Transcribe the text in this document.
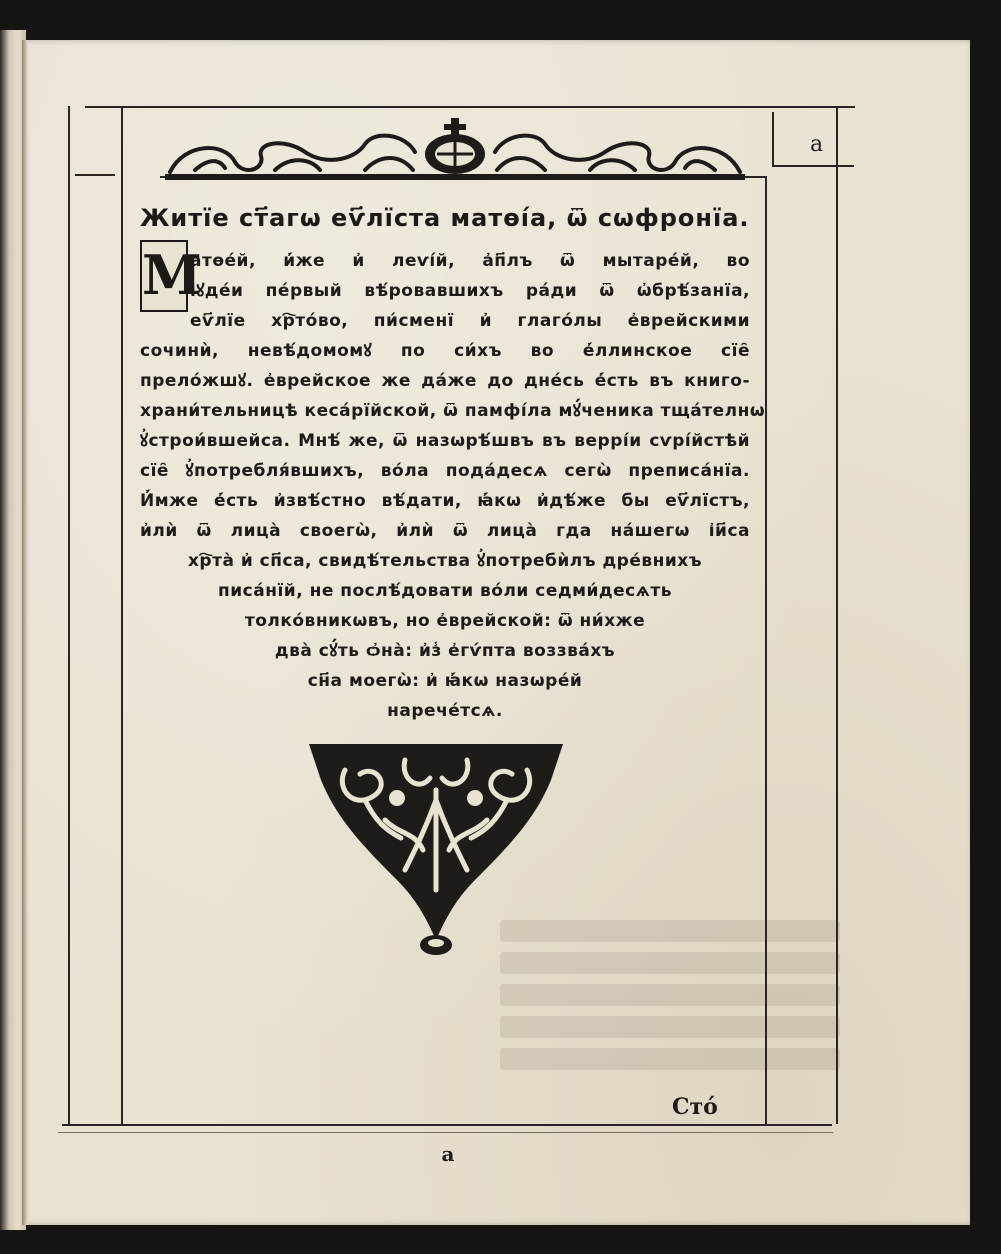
а
Житїе ст҃агѡ еѵ҃лїста матѳі́а, ѿ сѡфронїа.
М
атѳе́й, и҆́же и҆ леѵі́й, а҆п҃лъ ѿ мытаре́й, во
і҆ꙋде́и пе́рвый вѣ́ровавшихъ ра́ди ѿ ѡ҆брѣ́занїа,
еѵ҃лїе хр҇то́во, пи́сменї и҆ глаго́лы е҆врейскими
сочинѝ, невѣ́домомꙋ по си́хъ во е҆́ллинское сїе̑
прело́жшꙋ. е҆врейское же да́же до дне́сь е҆́сть въ книго-
храни́тельницѣ кеса́рїйской, ѿ памфі́ла мꙋ́ченика тща́телнѡ
ꙋ҆строи́вшейса. Мнѣ́ же, ѿ назѡрѣ́швъ въ веррі́и сѵрі́йстѣй
сїе̑ ꙋ҆потребля́вшихъ, во́ла пода́десѧ сегѡ̀ преписа́нїа.
И҆́мже е҆́сть и҆звѣ́стно вѣ́дати, ꙗ҆́кѡ и҆дѣ́же бы еѵ҃лїстъ,
и҆лѝ ѿ лица̀ своегѡ̀, и҆лѝ ѿ лица̀ гда на́шегѡ і҆и҃са
хр҇та̀ и҆ сп҃са, свидѣ́тельства ꙋ҆потребѝлъ дре́внихъ
писа́нїй, не послѣ́довати во́ли седми́десѧть
толко́вникѡвъ, но е҆врейской: ѿ ни́хже
два̀ сꙋ́ть ѻ҆на̀: и҆з̾ е҆гѵ́пта воззва́хъ
сн҃а моегѡ̀: и҆ ꙗ҆́кѡ назѡре́й
нарече́тсѧ.
Сто́
а
